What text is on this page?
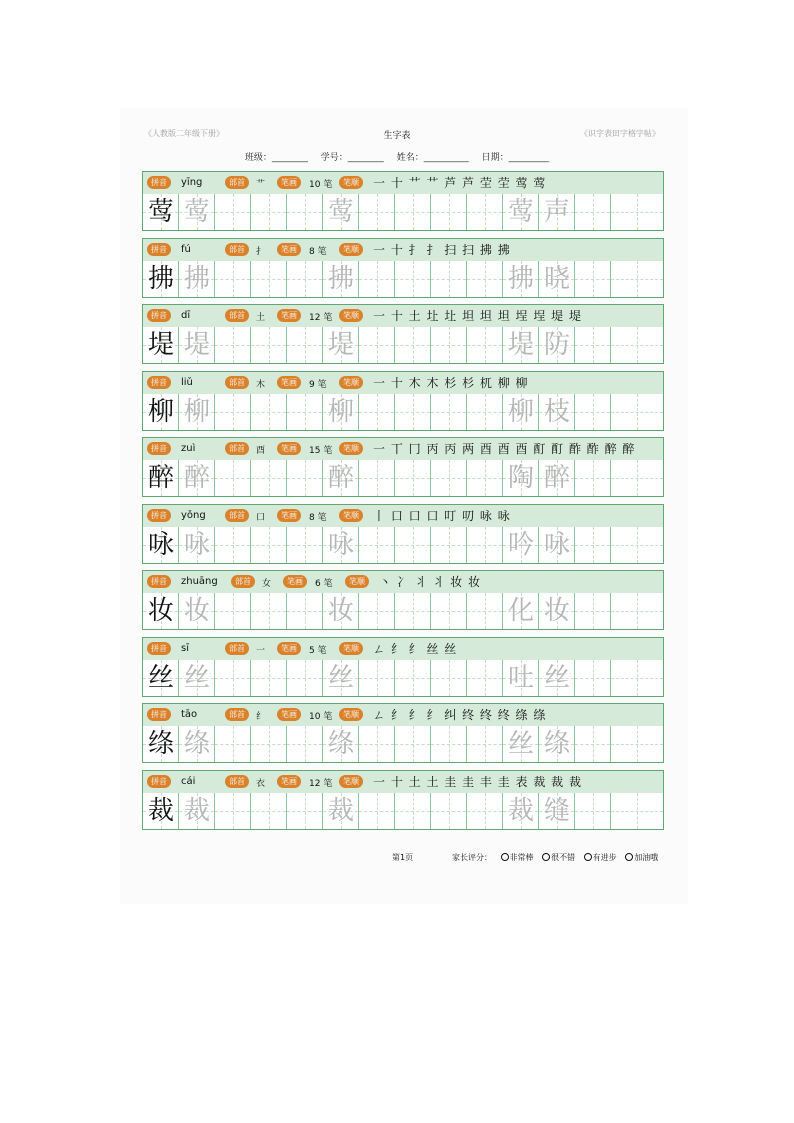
《人教版二年级下册》	生字表	《识字表田字格字帖》
班级：________ 学号：________ 姓名：__________ 日期：_________
拼音	yīng	部首	艹	笔画	10 笔	笔顺	一 十 艹 艹 芦 芦 茔 茔 莺 莺
莺 莺	莺	莺 声
拼音	fú	部首	扌	笔画	8 笔	笔顺	一 十 扌 扌 扫 扫 拂 拂
拂 拂	拂	拂 晓
拼音	dī	部首	土	笔画	12 笔	笔顺	一 十 土 圵 圵 坦 坦 坦 埕 埕 堤 堤
堤 堤	堤	堤 防
拼音	liǔ	部首	木	笔画	9 笔	笔顺	一 十 木 木 杉 杉 杌 柳 柳
柳 柳	柳	柳 枝
拼音	zuì	部首	酉	笔画	15 笔	笔顺	一 丅 冂 丙 丙 两 酉 酉 酉 酊 酊 酢 酢 醉 醉
醉 醉	醉	陶 醉
拼音	yǒng	部首	口	笔画	8 笔	笔顺	丨 口 口 口 叮 叨 咏 咏
咏 咏	咏	吟 咏
拼音	zhuāng	部首	女	笔画	6 笔	笔顺	丶 冫 丬 丬 妆 妆
妆 妆	妆	化 妆
拼音	sī	部首	一	笔画	5 笔	笔顺	ㄥ 纟 纟 丝 丝
丝 丝	丝	吐 丝
拼音	tāo	部首	纟	笔画	10 笔	笔顺	ㄥ 纟 纟 纟 纠 终 终 终 绦 绦
绦 绦	绦	丝 绦
拼音	cái	部首	衣	笔画	12 笔	笔顺	一 十 土 土 圭 圭 丰 圭 表 裁 裁 裁
裁 裁	裁	裁 缝
第1页	家长评分： 非常棒 很不错 有进步 加油哦
